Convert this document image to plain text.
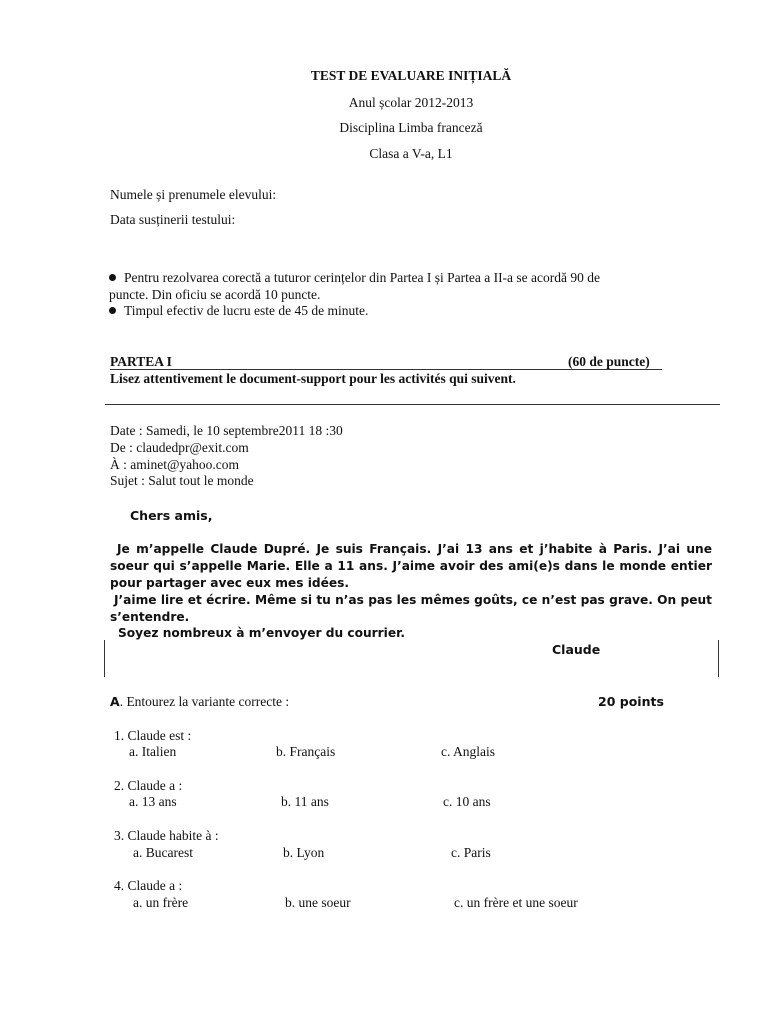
TEST DE EVALUARE INIȚIALĂ
Anul școlar 2012-2013
Disciplina Limba franceză
Clasa a V-a, L1
Numele și prenumele elevului:
Data susținerii testului:
Pentru rezolvarea corectă a tuturor cerințelor din Partea I și Partea a II-a se acordă 90 de
puncte. Din oficiu se acordă 10 puncte.
Timpul efectiv de lucru este de 45 de minute.
PARTEA I	(60 de puncte)
Lisez attentivement le document-support pour les activités qui suivent.
Date : Samedi, le 10 septembre2011 18 :30
De : claudedpr@exit.com
À : aminet@yahoo.com
Sujet : Salut tout le monde
Chers amis,
Je m’appelle Claude Dupré. Je suis Français. J’ai 13 ans et j’habite à Paris. J’ai une soeur qui s’appelle Marie. Elle a 11 ans. J’aime avoir des ami(e)s dans le monde entier pour partager avec eux mes idées.
J’aime lire et écrire. Même si tu n’as pas les mêmes goûts, ce n’est pas grave. On peut s’entendre.
Soyez nombreux à m’envoyer du courrier.
Claude
A. Entourez la variante correcte :	20 points
1. Claude est :
a. Italien	b. Français	c. Anglais
2. Claude a :
a. 13 ans	b. 11 ans	c. 10 ans
3. Claude habite à :
a. Bucarest	b. Lyon	c. Paris
4. Claude a :
a. un frère	b. une soeur	c. un frère et une soeur
